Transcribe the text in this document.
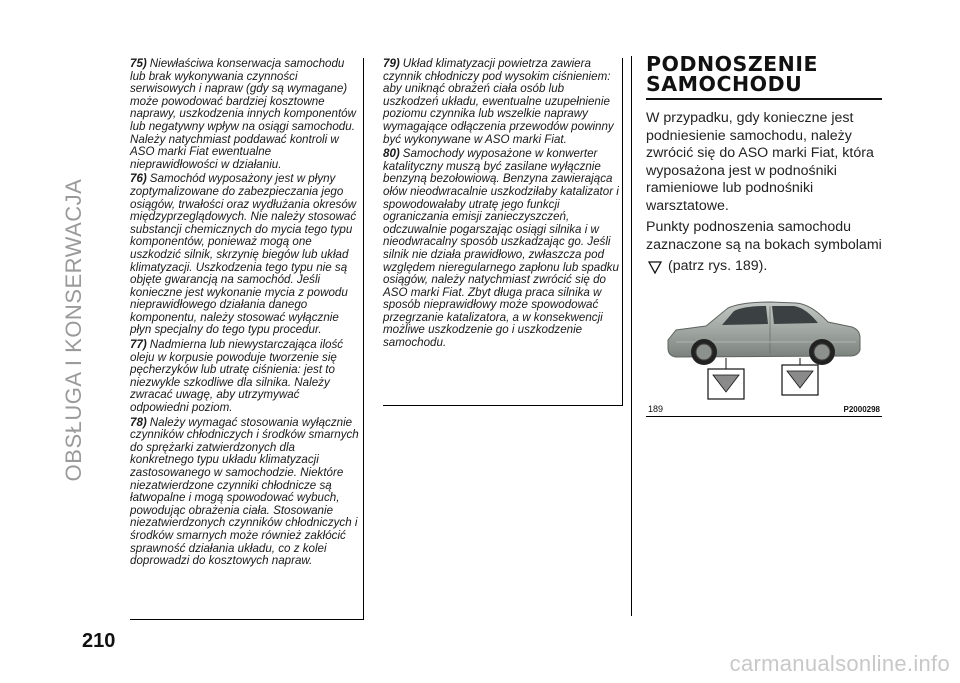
OBSŁUGA I KONSERWACJA

75) Niewłaściwa konserwacja samochodu lub brak wykonywania czynności serwisowych i napraw (gdy są wymagane) może powodować bardziej kosztowne naprawy, uszkodzenia innych komponentów lub negatywny wpływ na osiągi samochodu. Należy natychmiast poddawać kontroli w ASO marki Fiat ewentualne nieprawidłowości w działaniu.

76) Samochód wyposażony jest w płyny zoptymalizowane do zabezpieczania jego osiągów, trwałości oraz wydłużania okresów międzyprzeglądowych. Nie należy stosować substancji chemicznych do mycia tego typu komponentów, ponieważ mogą one uszkodzić silnik, skrzynię biegów lub układ klimatyzacji. Uszkodzenia tego typu nie są objęte gwarancją na samochód. Jeśli konieczne jest wykonanie mycia z powodu nieprawidłowego działania danego komponentu, należy stosować wyłącznie płyn specjalny do tego typu procedur.

77) Nadmierna lub niewystarczająca ilość oleju w korpusie powoduje tworzenie się pęcherzyków lub utratę ciśnienia: jest to niezwykle szkodliwe dla silnika. Należy zwracać uwagę, aby utrzymywać odpowiedni poziom.

78) Należy wymagać stosowania wyłącznie czynników chłodniczych i środków smarnych do sprężarki zatwierdzonych dla konkretnego typu układu klimatyzacji zastosowanego w samochodzie. Niektóre niezatwierdzone czynniki chłodnicze są łatwopalne i mogą spowodować wybuch, powodując obrażenia ciała. Stosowanie niezatwierdzonych czynników chłodniczych i środków smarnych może również zakłócić sprawność działania układu, co z kolei doprowadzi do kosztowych napraw.

79) Układ klimatyzacji powietrza zawiera czynnik chłodniczy pod wysokim ciśnieniem: aby uniknąć obrażeń ciała osób lub uszkodzeń układu, ewentualne uzupełnienie poziomu czynnika lub wszelkie naprawy wymagające odłączenia przewodów powinny być wykonywane w ASO marki Fiat.

80) Samochody wyposażone w konwerter katalityczny muszą być zasilane wyłącznie benzyną bezołowiową. Benzyna zawierająca ołów nieodwracalnie uszkodziłaby katalizator i spowodowałaby utratę jego funkcji ograniczania emisji zanieczyszczeń, odczuwalnie pogarszając osiągi silnika i w nieodwracalny sposób uszkadzając go. Jeśli silnik nie działa prawidłowo, zwłaszcza pod względem nieregularnego zapłonu lub spadku osiągów, należy natychmiast zwrócić się do ASO marki Fiat. Zbyt długa praca silnika w sposób nieprawidłowy może spowodować przegrzanie katalizatora, a w konsekwencji możliwe uszkodzenie go i uszkodzenie samochodu.

PODNOSZENIE
SAMOCHODU

W przypadku, gdy konieczne jest podniesienie samochodu, należy zwrócić się do ASO marki Fiat, która wyposażona jest w podnośniki ramieniowe lub podnośniki warsztatowe.

Punkty podnoszenia samochodu zaznaczone są na bokach symbolami

(patrz rys. 189).
189	P2000298
210
carmanualsonline.info
